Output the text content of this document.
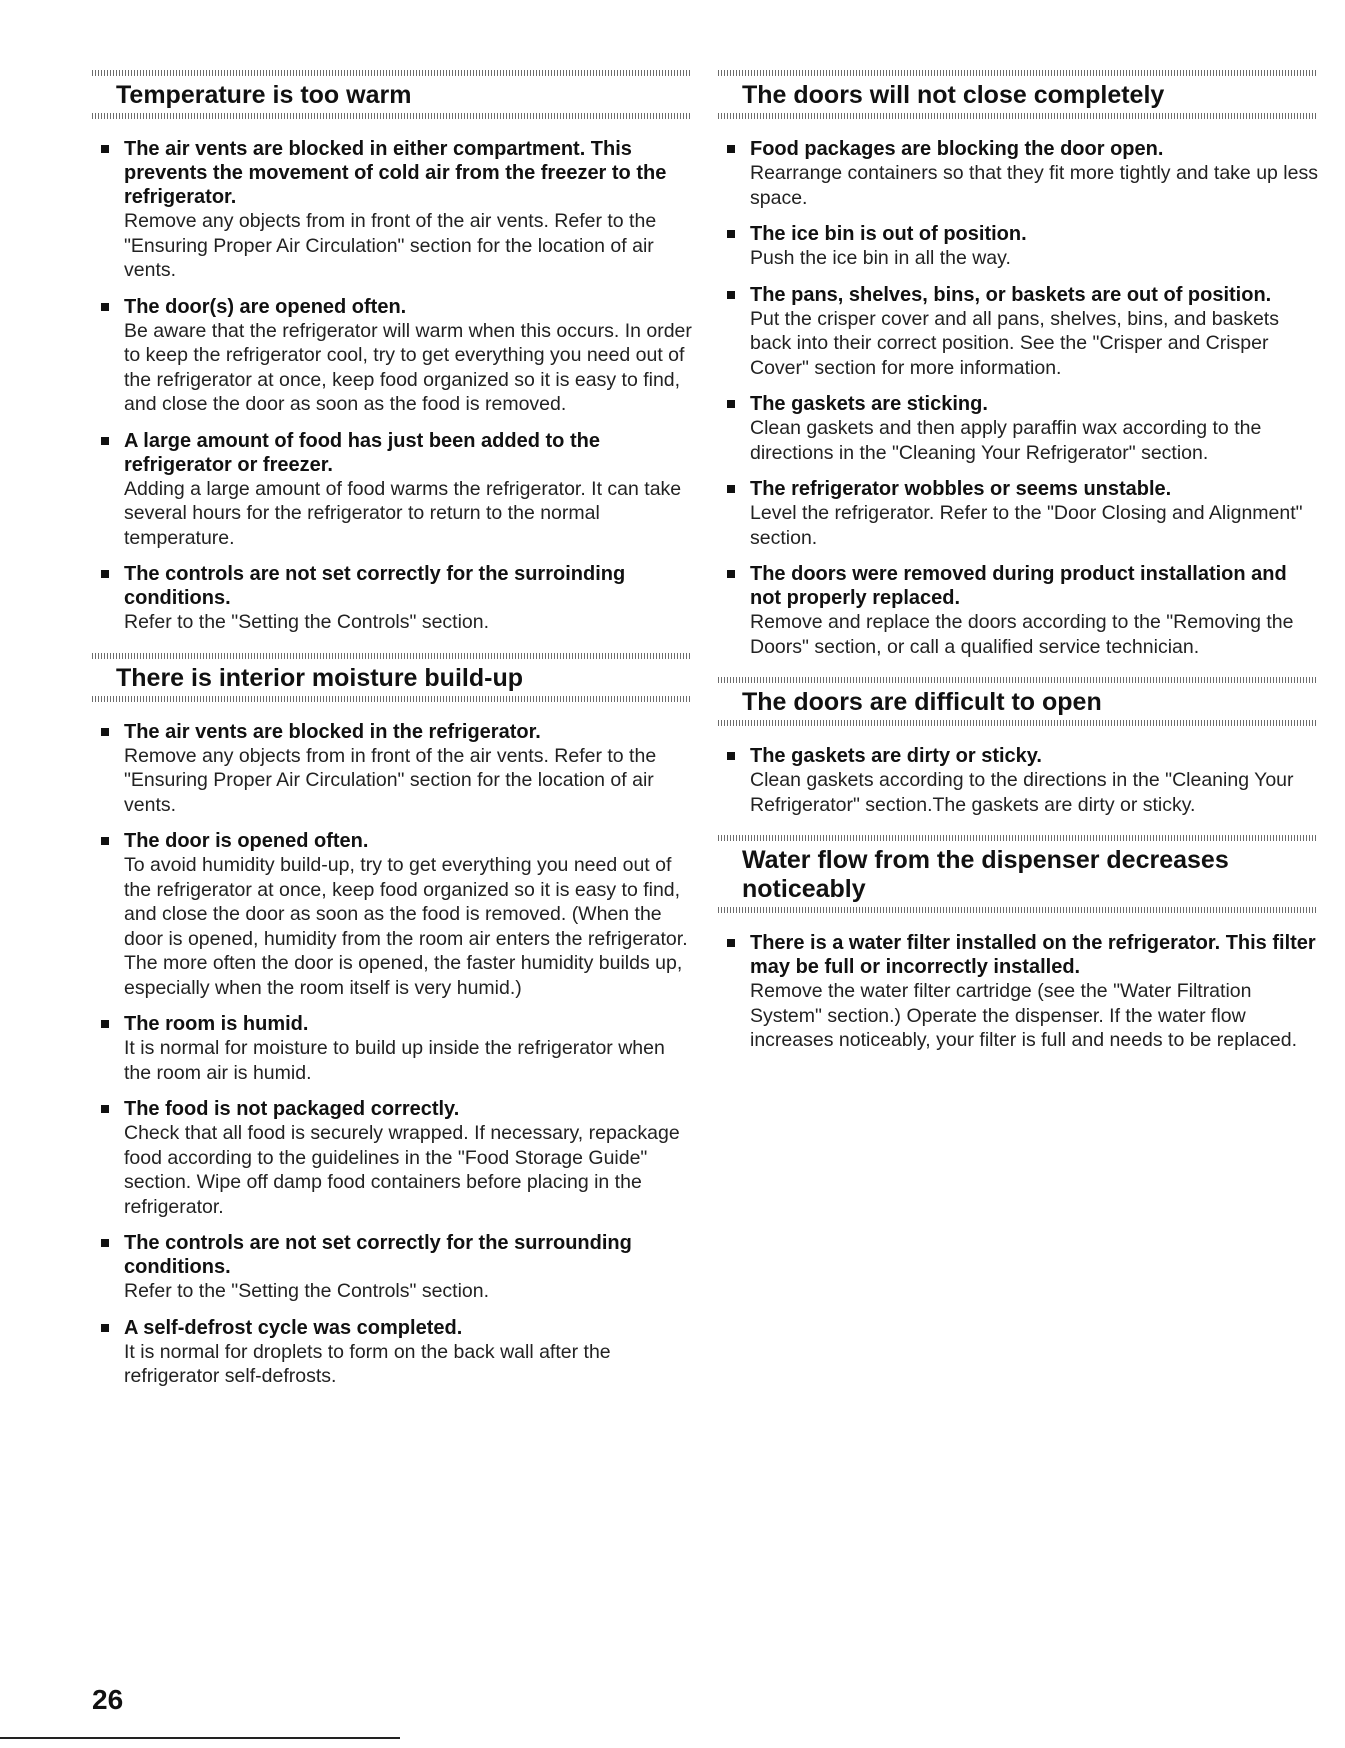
Temperature is too warm
The air vents are blocked in either compartment. This prevents the movement of cold air from the freezer to the refrigerator.
Remove any objects from in front of the air vents. Refer to the "Ensuring Proper Air Circulation" section for the location of air vents.
The door(s) are opened often.
Be aware that the refrigerator will warm when this occurs. In order to keep the refrigerator cool, try to get everything you need out of the refrigerator at once, keep food organized so it is easy to find, and close the door as soon as the food is removed.
A large amount of food has just been added to the refrigerator or freezer.
Adding a large amount of food warms the refrigerator. It can take several hours for the refrigerator to return to the normal temperature.
The controls are not set correctly for the surroinding conditions.
Refer to the "Setting the Controls" section.
There is interior moisture build-up
The air vents are blocked in the refrigerator.
Remove any objects from in front of the air vents. Refer to the "Ensuring Proper Air Circulation" section for the location of air vents.
The door is opened often.
To avoid humidity build-up, try to get everything you need out of the refrigerator at once, keep food organized so it is easy to find, and close the door as soon as the food is removed. (When the door is opened, humidity from the room air enters the refrigerator. The more often the door is opened, the faster humidity builds up, especially when the room itself is very humid.)
The room is humid.
It is normal for moisture to build up inside the refrigerator when the room air is humid.
The food is not packaged correctly.
Check that all food is securely wrapped. If necessary, repackage food according to the guidelines in the "Food Storage Guide" section. Wipe off damp food containers before placing in the refrigerator.
The controls are not set correctly for the surrounding conditions.
Refer to the "Setting the Controls" section.
A self-defrost cycle was completed.
It is normal for droplets to form on the back wall after the refrigerator self-defrosts.
The doors will not close completely
Food packages are blocking the door open.
Rearrange containers so that they fit more tightly and take up less space.
The ice bin is out of position.
Push the ice bin in all the way.
The pans, shelves, bins, or baskets are out of position.
Put the crisper cover and all pans, shelves, bins, and baskets back into their correct position. See the "Crisper and Crisper Cover" section for more information.
The gaskets are sticking.
Clean gaskets and then apply paraffin wax according to the directions in the "Cleaning Your Refrigerator" section.
The refrigerator wobbles or seems unstable.
Level the refrigerator. Refer to the "Door Closing and Alignment" section.
The doors were removed during product installation and not properly replaced.
Remove and replace the doors according to the "Removing the Doors" section, or call a qualified service technician.
The doors are difficult to open
The gaskets are dirty or sticky.
Clean gaskets according to the directions in the "Cleaning Your Refrigerator" section.The gaskets are dirty or sticky.
Water flow from the dispenser decreases noticeably
There is a water filter installed on the refrigerator. This filter may be full or incorrectly installed.
Remove the water filter cartridge (see the "Water Filtration System" section.) Operate the dispenser. If the water flow increases noticeably, your filter is full and needs to be replaced.
26
